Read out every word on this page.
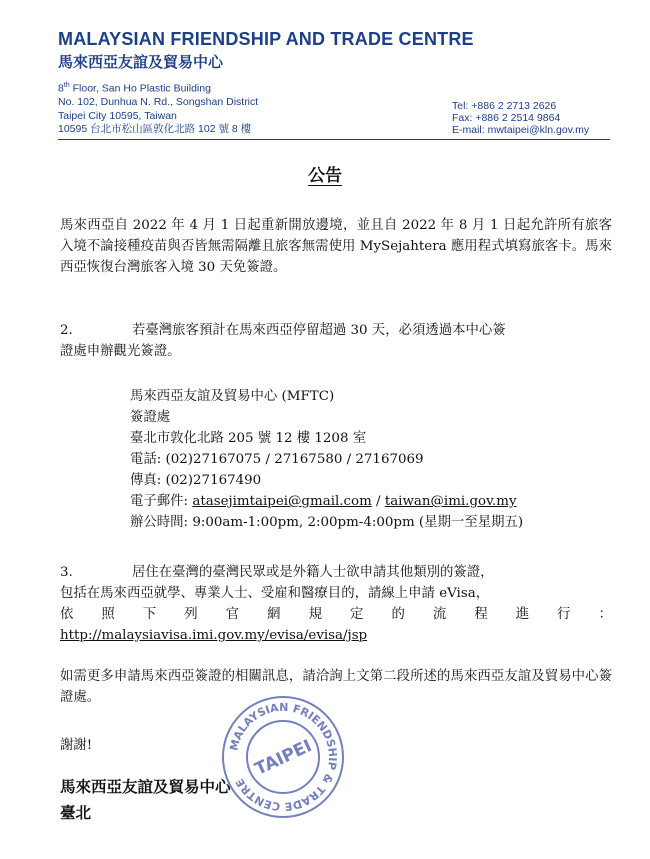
MALAYSIAN FRIENDSHIP AND TRADE CENTRE
馬來西亞友誼及貿易中心
8th Floor, San Ho Plastic Building
No. 102, Dunhua N. Rd., Songshan District
Taipei City 10595, Taiwan
10595 台北市松山區敦化北路 102 號 8 樓
Tel: +886 2 2713 2626
Fax: +886 2 2514 9864
E-mail: mwtaipei@kln.gov.my
公告
馬來西亞自 2022 年 4 月 1 日起重新開放邊境，並且自 2022 年 8 月 1 日起允許所有旅客入境不論接種疫苗與否皆無需隔離且旅客無需使用 MySejahtera 應用程式填寫旅客卡。馬來西亞恢復台灣旅客入境 30 天免簽證。
2.	若臺灣旅客預計在馬來西亞停留超過 30 天，必須透過本中心簽
證處申辦觀光簽證。
馬來西亞友誼及貿易中心 (MFTC)
簽證處
臺北市敦化北路 205 號 12 樓 1208 室
電話: (02)27167075 / 27167580 / 27167069
傳真: (02)27167490
電子郵件: atasejimtaipei@gmail.com / taiwan@imi.gov.my
辦公時間: 9:00am-1:00pm, 2:00pm-4:00pm (星期一至星期五)
3.	居住在臺灣的臺灣民眾或是外籍人士欲申請其他類別的簽證，
包括在馬來西亞就學、專業人士、受雇和醫療目的，請線上申請 eVisa，
依照下列官網規定的流程進行：
http://malaysiavisa.imi.gov.my/evisa/evisa/jsp
如需更多申請馬來西亞簽證的相關訊息，請洽詢上文第二段所述的馬來西亞友誼及貿易中心簽證處。
謝謝!	MALAYSIAN FRIENDSHIP & TRADE CENTRE
TAIPEI
馬來西亞友誼及貿易中心
臺北
